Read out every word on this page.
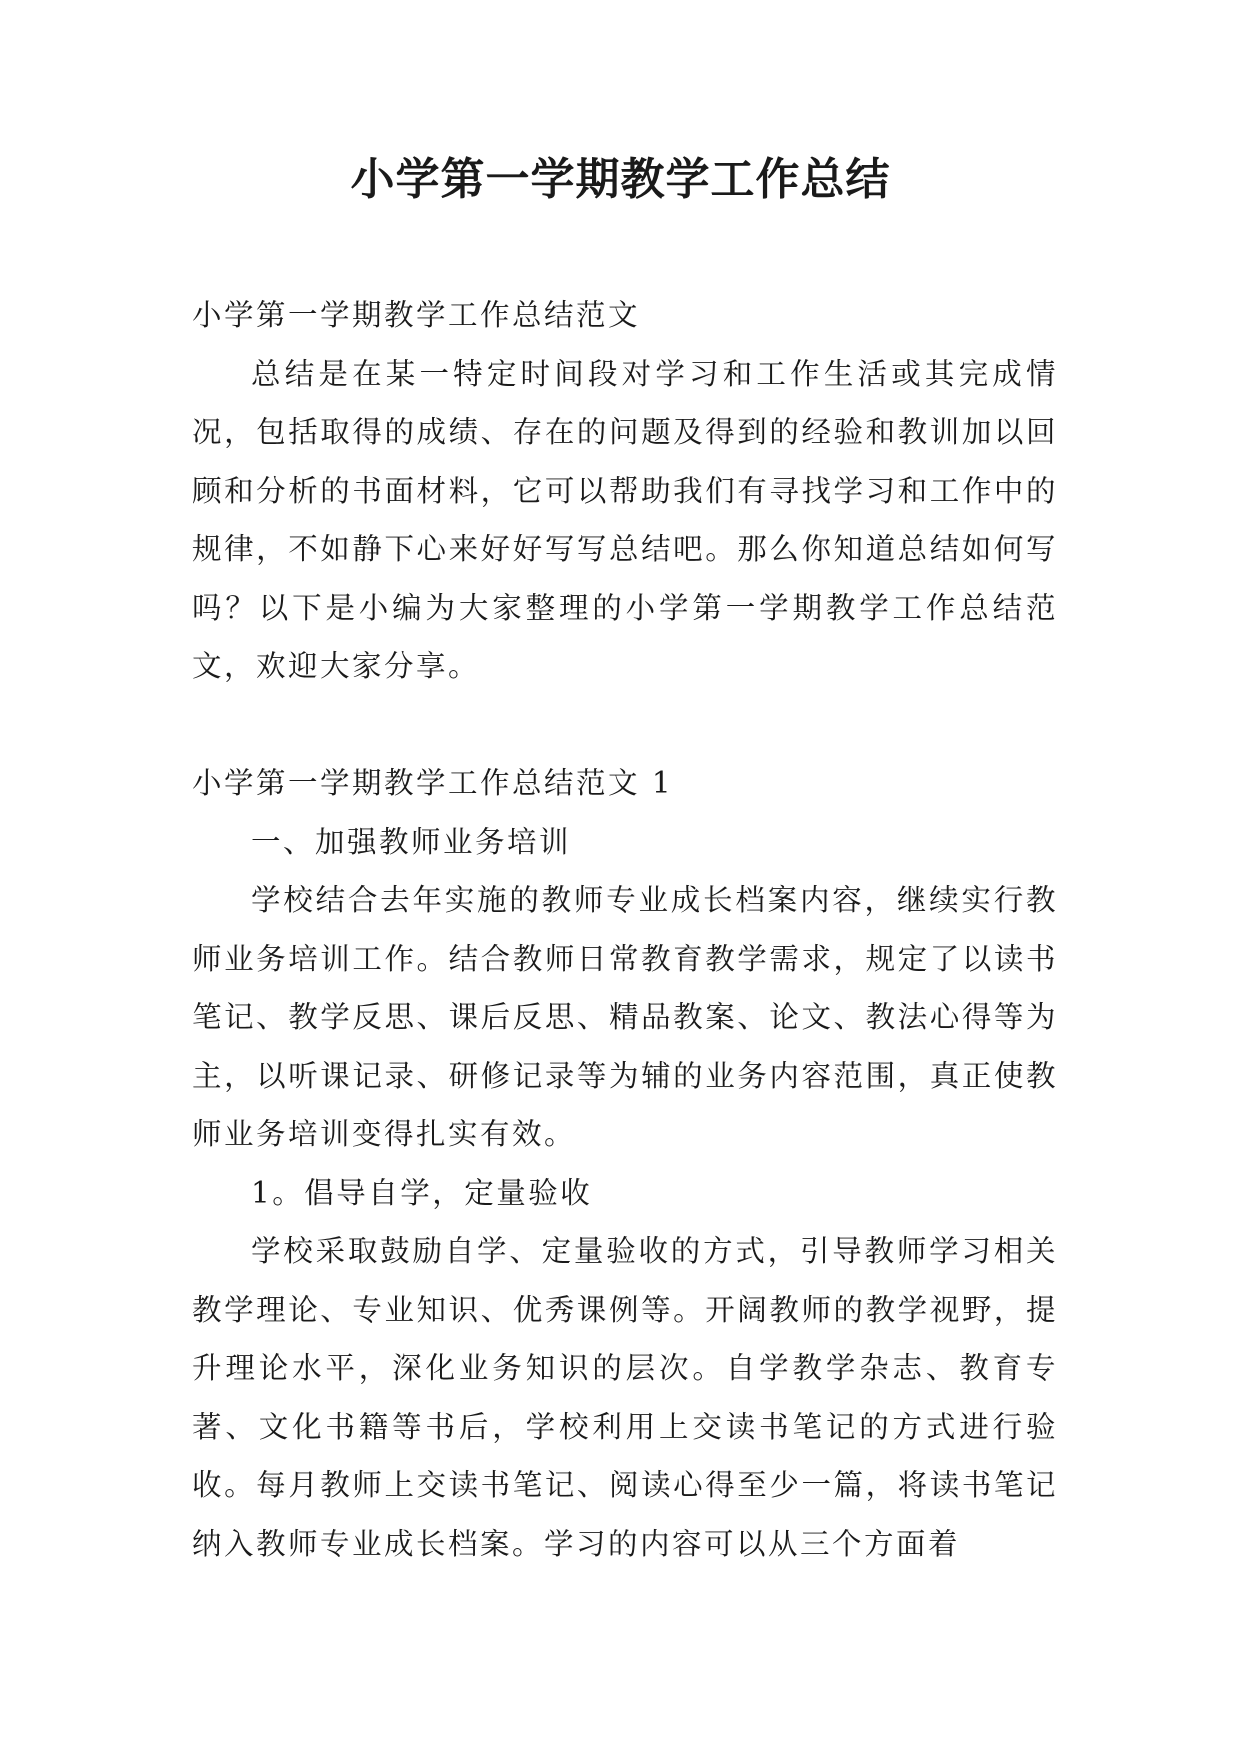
小学第一学期教学工作总结

小学第一学期教学工作总结范文

总结是在某一特定时间段对学习和工作生活或其完成情况，包括取得的成绩、存在的问题及得到的经验和教训加以回顾和分析的书面材料，它可以帮助我们有寻找学习和工作中的规律，不如静下心来好好写写总结吧。那么你知道总结如何写吗？以下是小编为大家整理的小学第一学期教学工作总结范文，欢迎大家分享。

小学第一学期教学工作总结范文 1

一、加强教师业务培训

学校结合去年实施的教师专业成长档案内容，继续实行教师业务培训工作。结合教师日常教育教学需求，规定了以读书笔记、教学反思、课后反思、精品教案、论文、教法心得等为主，以听课记录、研修记录等为辅的业务内容范围，真正使教师业务培训变得扎实有效。

1。倡导自学，定量验收

学校采取鼓励自学、定量验收的方式，引导教师学习相关教学理论、专业知识、优秀课例等。开阔教师的教学视野，提升理论水平，深化业务知识的层次。自学教学杂志、教育专著、文化书籍等书后，学校利用上交读书笔记的方式进行验收。每月教师上交读书笔记、阅读心得至少一篇，将读书笔记纳入教师专业成长档案。学习的内容可以从三个方面着
